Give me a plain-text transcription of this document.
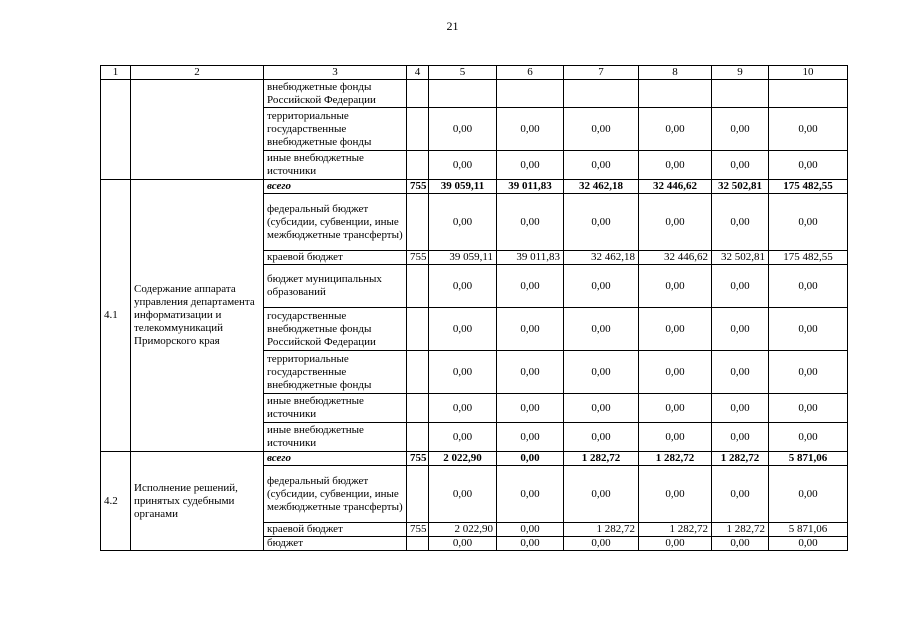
21
1	2	3	4	5	6	7	8	9	10
		внебюджетные фонды Российской Федерации							
		территориальные государственные внебюджетные фонды		0,00	0,00	0,00	0,00	0,00	0,00
		иные внебюджетные источники		0,00	0,00	0,00	0,00	0,00	0,00
4.1	Содержание аппарата управления департамента информатизации и телекоммуникаций Приморского края	всего	755	39 059,11	39 011,83	32 462,18	32 446,62	32 502,81	175 482,55
		федеральный бюджет (субсидии, субвенции, иные межбюджетные трансферты)		0,00	0,00	0,00	0,00	0,00	0,00
		краевой бюджет	755	39 059,11	39 011,83	32 462,18	32 446,62	32 502,81	175 482,55
		бюджет муниципальных образований		0,00	0,00	0,00	0,00	0,00	0,00
		государственные внебюджетные фонды Российской Федерации		0,00	0,00	0,00	0,00	0,00	0,00
		территориальные государственные внебюджетные фонды		0,00	0,00	0,00	0,00	0,00	0,00
		иные внебюджетные источники		0,00	0,00	0,00	0,00	0,00	0,00
		иные внебюджетные источники		0,00	0,00	0,00	0,00	0,00	0,00
4.2	Исполнение решений, принятых судебными органами	всего	755	2 022,90	0,00	1 282,72	1 282,72	1 282,72	5 871,06
		федеральный бюджет (субсидии, субвенции, иные межбюджетные трансферты)		0,00	0,00	0,00	0,00	0,00	0,00
		краевой бюджет	755	2 022,90	0,00	1 282,72	1 282,72	1 282,72	5 871,06
		бюджет		0,00	0,00	0,00	0,00	0,00	0,00
